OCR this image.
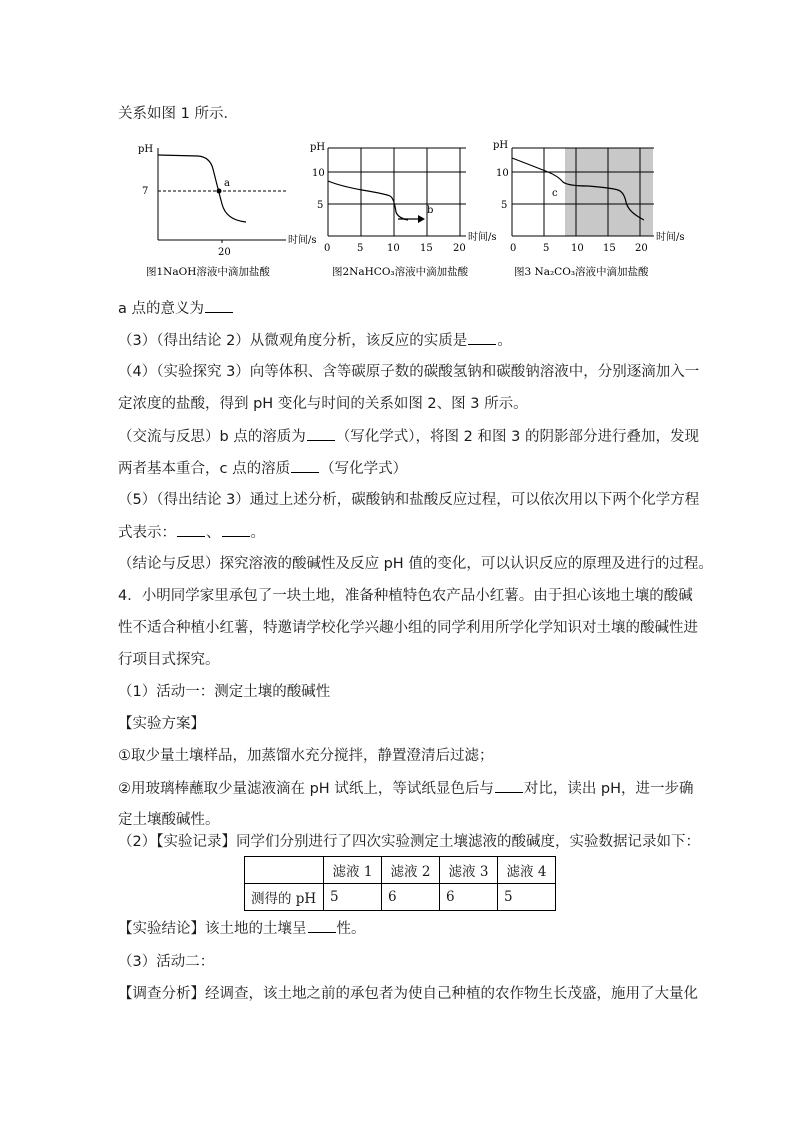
关系如图 1 所示．
pH
7
a
20
时间/s
图1NaOH溶液中滴加盐酸
pH
10
5	b
0	5 10 15 20
时间/s
图2NaHCO₃溶液中滴加盐酸
pH
10
5
c
0	5 10 15 20
时间/s
图3 Na₂CO₃溶液中滴加盐酸
a 点的意义为
（3）（得出结论 2）从微观角度分析，该反应的实质是 。
（4）（实验探究 3）向等体积、含等碳原子数的碳酸氢钠和碳酸钠溶液中，分别逐滴加入一
定浓度的盐酸，得到 pH 变化与时间的关系如图 2、图 3 所示。
（交流与反思）b 点的溶质为 （写化学式），将图 2 和图 3 的阴影部分进行叠加，发现
两者基本重合，c 点的溶质 （写化学式）
（5）（得出结论 3）通过上述分析，碳酸钠和盐酸反应过程，可以依次用以下两个化学方程
式表示： 、 。
（结论与反思）探究溶液的酸碱性及反应 pH 值的变化，可以认识反应的原理及进行的过程。
4．小明同学家里承包了一块土地，准备种植特色农产品小红薯。由于担心该地土壤的酸碱
性不适合种植小红薯，特邀请学校化学兴趣小组的同学利用所学化学知识对土壤的酸碱性进
行项目式探究。
（1）活动一：测定土壤的酸碱性
【实验方案】
①取少量土壤样品，加蒸馏水充分搅拌，静置澄清后过滤；
②用玻璃棒蘸取少量滤液滴在 pH 试纸上，等试纸显色后与 对比，读出 pH，进一步确
定土壤酸碱性。
（2）【实验记录】同学们分别进行了四次实验测定土壤滤液的酸碱度，实验数据记录如下：
	滤液 1	滤液 2	滤液 3	滤液 4
测得的 pH	5	6	6	5
【实验结论】该土地的土壤呈 性。
（3）活动二：
【调查分析】经调查，该土地之前的承包者为使自己种植的农作物生长茂盛，施用了大量化
